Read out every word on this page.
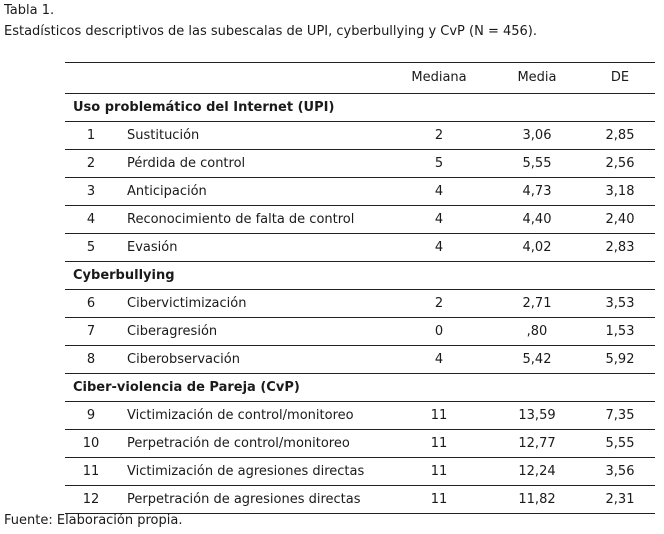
Tabla 1.
Estadísticos descriptivos de las subescalas de UPI, cyberbullying y CvP (N = 456).
		Mediana	Media	DE
Uso problemático del Internet (UPI)				
1	Sustitución	2	3,06	2,85
2	Pérdida de control	5	5,55	2,56
3	Anticipación	4	4,73	3,18
4	Reconocimiento de falta de control	4	4,40	2,40
5	Evasión	4	4,02	2,83
Cyberbullying				
6	Cibervictimización	2	2,71	3,53
7	Ciberagresión	0	,80	1,53
8	Ciberobservación	4	5,42	5,92
Ciber-violencia de Pareja (CvP)				
9	Victimización de control/monitoreo	11	13,59	7,35
10	Perpetración de control/monitoreo	11	12,77	5,55
11	Victimización de agresiones directas	11	12,24	3,56
12	Perpetración de agresiones directas	11	11,82	2,31
Fuente: Elaboración propia.
